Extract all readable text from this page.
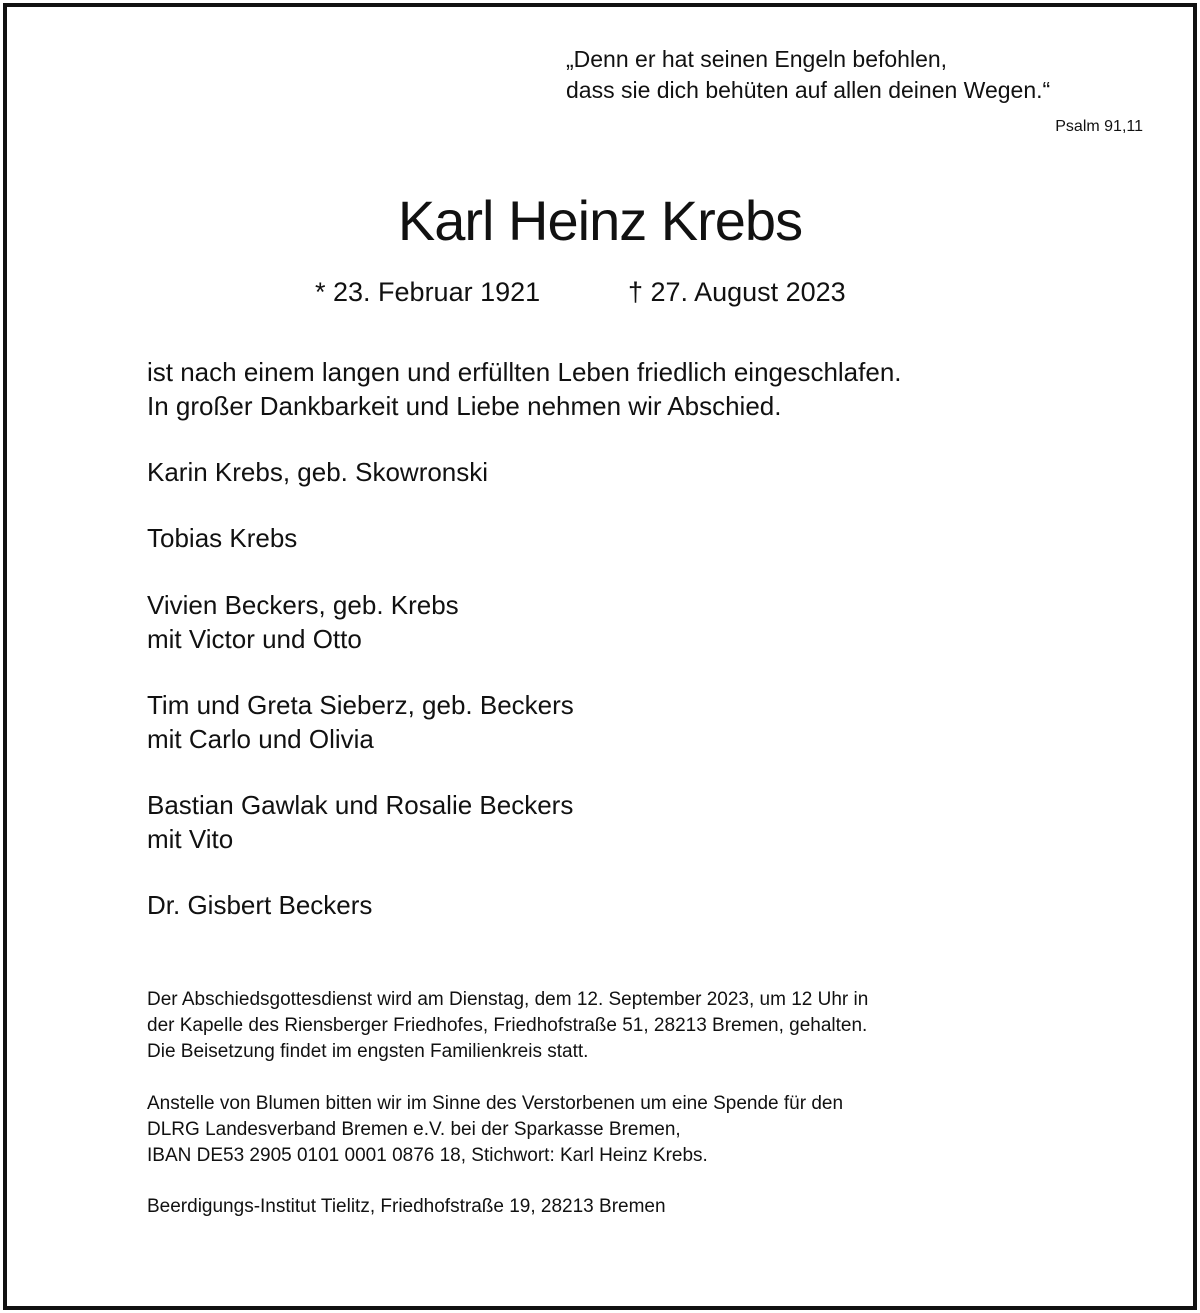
„Denn er hat seinen Engeln befohlen,
dass sie dich behüten auf allen deinen Wegen.“
Psalm 91,11
Karl Heinz Krebs
* 23. Februar 1921	† 27. August 2023
ist nach einem langen und erfüllten Leben friedlich eingeschlafen.
In großer Dankbarkeit und Liebe nehmen wir Abschied.
Karin Krebs, geb. Skowronski
Tobias Krebs
Vivien Beckers, geb. Krebs
mit Victor und Otto
Tim und Greta Sieberz, geb. Beckers
mit Carlo und Olivia
Bastian Gawlak und Rosalie Beckers
mit Vito
Dr. Gisbert Beckers
Der Abschiedsgottesdienst wird am Dienstag, dem 12. September 2023, um 12 Uhr in
der Kapelle des Riensberger Friedhofes, Friedhofstraße 51, 28213 Bremen, gehalten.
Die Beisetzung findet im engsten Familienkreis statt.
Anstelle von Blumen bitten wir im Sinne des Verstorbenen um eine Spende für den
DLRG Landesverband Bremen e.V. bei der Sparkasse Bremen,
IBAN DE53 2905 0101 0001 0876 18, Stichwort: Karl Heinz Krebs.
Beerdigungs-Institut Tielitz, Friedhofstraße 19, 28213 Bremen
